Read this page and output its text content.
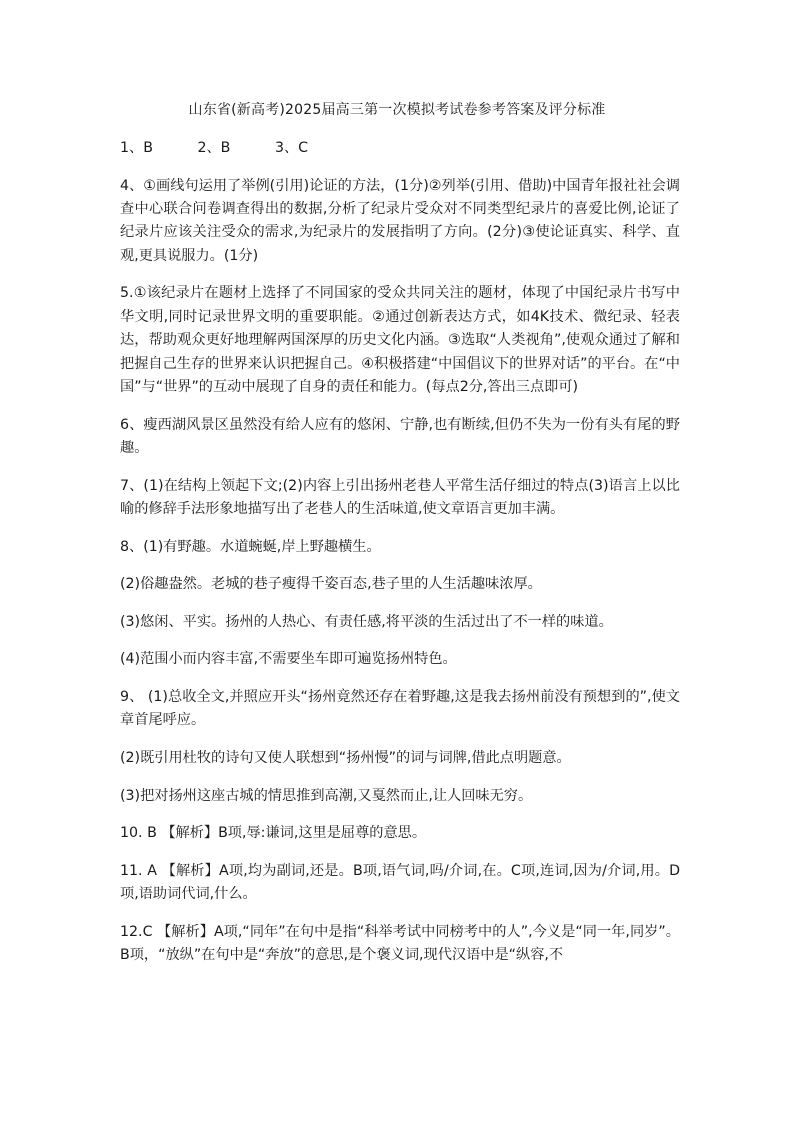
山东省(新高考)2025届高三第一次模拟考试卷参考答案及评分标准

1、B	2、B	3、C

4、①画线句运用了举例(引用)论证的方法，(1分)②列举(引用、借助)中国青年报社社会调查中心联合问卷调查得出的数据,分析了纪录片受众对不同类型纪录片的喜爱比例,论证了纪录片应该关注受众的需求,为纪录片的发展指明了方向。(2分)③使论证真实、科学、直观,更具说服力。(1分)

5.①该纪录片在题材上选择了不同国家的受众共同关注的题材，体现了中国纪录片书写中华文明,同时记录世界文明的重要职能。②通过创新表达方式，如4K技术、微纪录、轻表达，帮助观众更好地理解两国深厚的历史文化内涵。③选取“人类视角”,使观众通过了解和把握自己生存的世界来认识把握自己。④积极搭建“中国倡议下的世界对话”的平台。在“中国”与“世界”的互动中展现了自身的责任和能力。(每点2分,答出三点即可)

6、瘦西湖风景区虽然没有给人应有的悠闲、宁静,也有断续,但仍不失为一份有头有尾的野趣。

7、(1)在结构上领起下文;(2)内容上引出扬州老巷人平常生活仔细过的特点(3)语言上以比喻的修辞手法形象地描写出了老巷人的生活味道,使文章语言更加丰满。

8、(1)有野趣。水道蜿蜒,岸上野趣横生。

(2)俗趣盎然。老城的巷子瘦得千姿百态,巷子里的人生活趣味浓厚。

(3)悠闲、平实。扬州的人热心、有责任感,将平淡的生活过出了不一样的味道。

(4)范围小而内容丰富,不需要坐车即可遍览扬州特色。

9、 (1)总收全文,并照应开头“扬州竟然还存在着野趣,这是我去扬州前没有预想到的”,使文章首尾呼应。

(2)既引用杜牧的诗句又使人联想到“扬州慢”的词与词牌,借此点明题意。

(3)把对扬州这座古城的情思推到高潮,又戛然而止,让人回味无穷。

10. B 【解析】B项,辱:谦词,这里是屈尊的意思。

11. A 【解析】A项,均为副词,还是。B项,语气词,吗/介词,在。C项,连词,因为/介词,用。D项,语助词代词,什么。

12.C 【解析】A项,“同年”在句中是指“科举考试中同榜考中的人”,今义是“同一年,同岁”。B项，“放纵”在句中是“奔放”的意思,是个褒义词,现代汉语中是“纵容,不
